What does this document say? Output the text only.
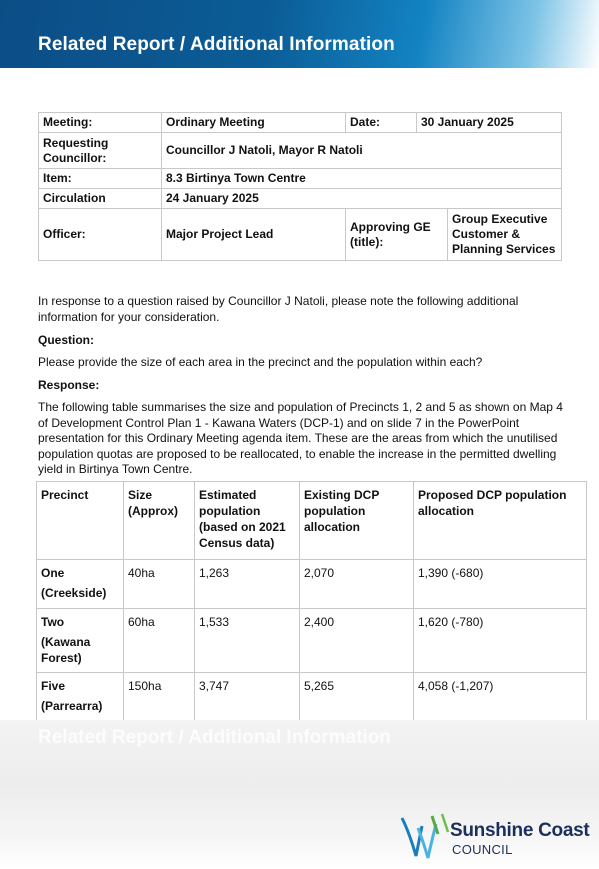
Related Report / Additional Information
Meeting:	Ordinary Meeting	Date:	30 January 2025	
Requesting Councillor:	Councillor J Natoli, Mayor R Natoli			
Item:	8.3 Birtinya Town Centre			
Circulation	24 January 2025			
Officer:	Major Project Lead	Approving GE (title):		Group Executive Customer & Planning Services
In response to a question raised by Councillor J Natoli, please note the following additional information for your consideration.
Question:
Please provide the size of each area in the precinct and the population within each?
Response:
The following table summarises the size and population of Precincts 1, 2 and 5 as shown on Map 4 of Development Control Plan 1 - Kawana Waters (DCP-1) and on slide 7 in the PowerPoint presentation for this Ordinary Meeting agenda item. These are the areas from which the unutilised population quotas are proposed to be reallocated, to enable the increase in the permitted dwelling yield in Birtinya Town Centre.
Precinct	Size (Approx)	Estimated population (based on 2021 Census data)	Existing DCP population allocation	Proposed DCP population allocation
One
(Creekside)	40ha	1,263	2,070	1,390 (-680)
Two
(Kawana Forest)	60ha	1,533	2,400	1,620 (-780)
Five
(Parrearra)	150ha	3,747	5,265	4,058 (-1,207)
Related Report / Additional Information
Sunshine Coast
COUNCIL
